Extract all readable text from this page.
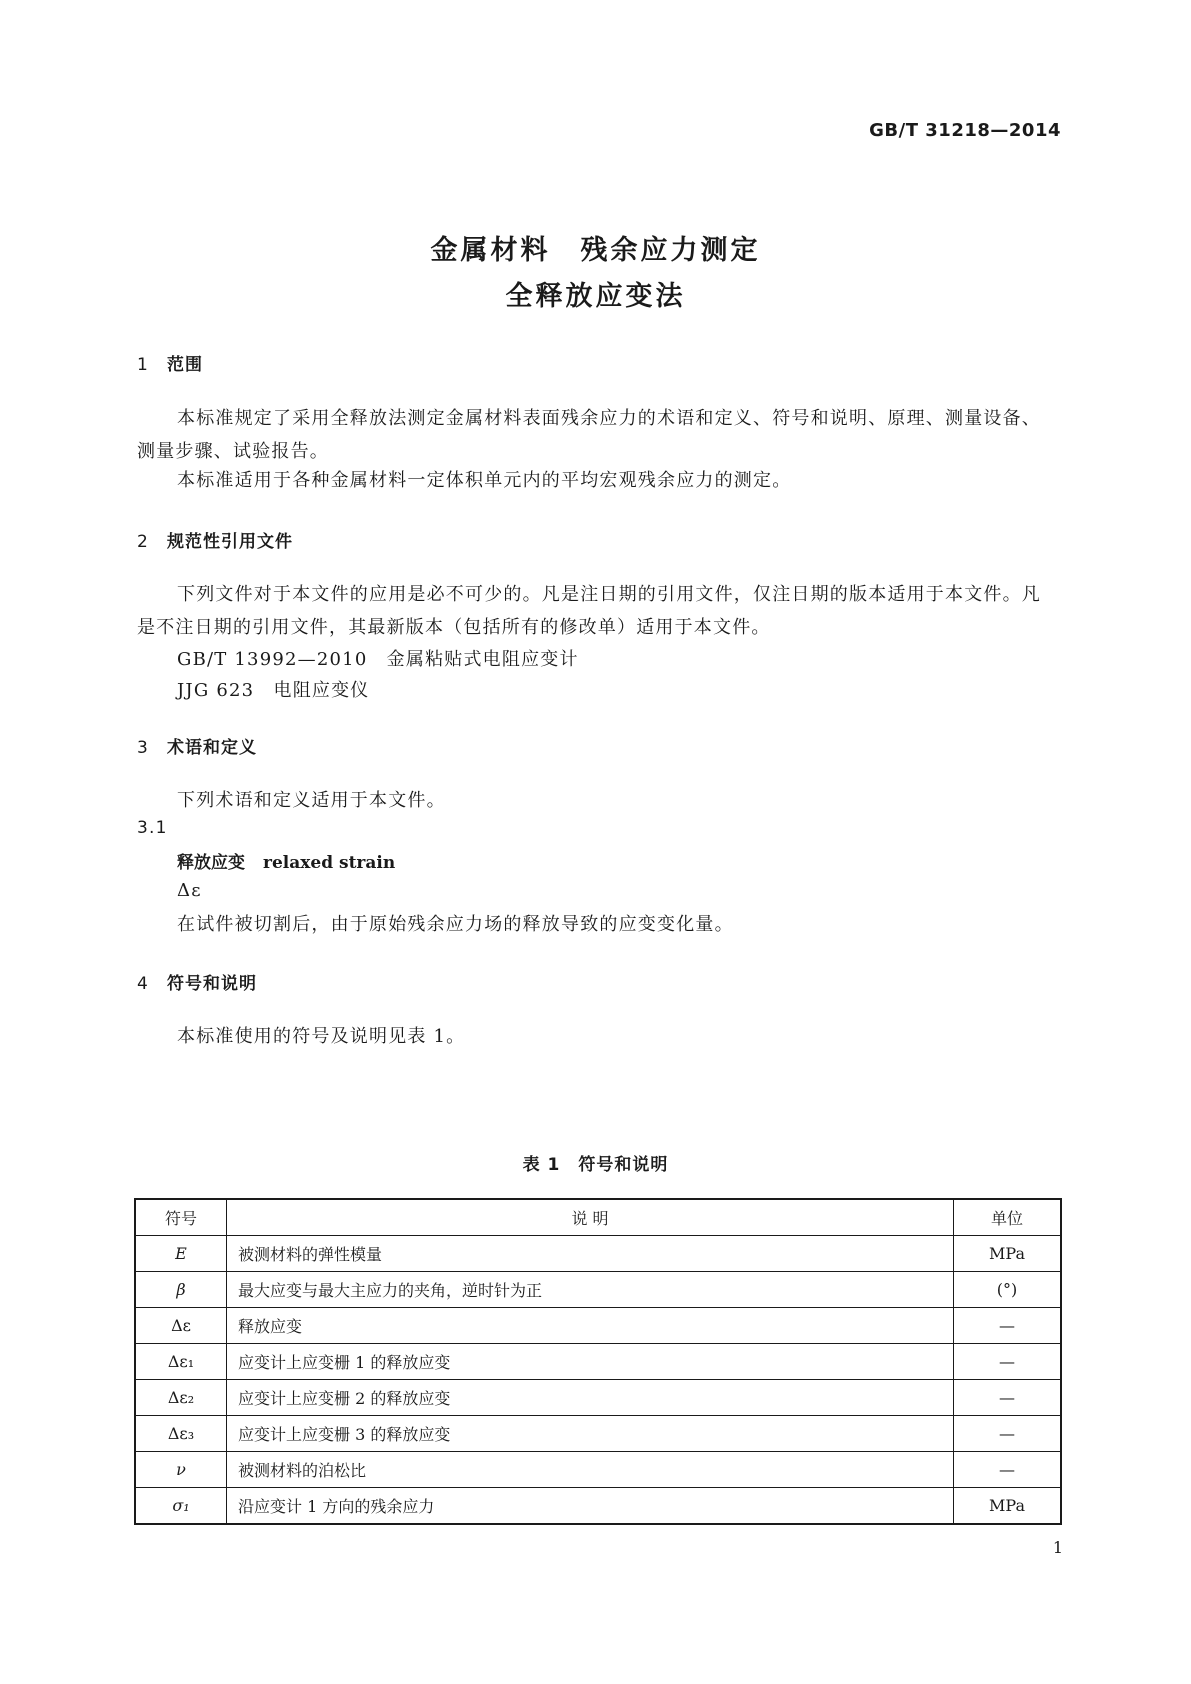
GB/T 31218—2014
金属材料　残余应力测定
全释放应变法
1 范围
本标准规定了采用全释放法测定金属材料表面残余应力的术语和定义、符号和说明、原理、测量设备、测量步骤、试验报告。
本标准适用于各种金属材料一定体积单元内的平均宏观残余应力的测定。
2 规范性引用文件
下列文件对于本文件的应用是必不可少的。凡是注日期的引用文件，仅注日期的版本适用于本文件。凡是不注日期的引用文件，其最新版本（包括所有的修改单）适用于本文件。
GB/T 13992—2010　金属粘贴式电阻应变计
JJG 623　电阻应变仪
3 术语和定义
下列术语和定义适用于本文件。
3.1
释放应变 relaxed strain
Δε
在试件被切割后，由于原始残余应力场的释放导致的应变变化量。
4 符号和说明
本标准使用的符号及说明见表 1。
表 1　符号和说明
符号	说 明	单位
E	被测材料的弹性模量	MPa
β	最大应变与最大主应力的夹角，逆时针为正	(°)
Δε	释放应变	—
Δε₁	应变计上应变栅 1 的释放应变	—
Δε₂	应变计上应变栅 2 的释放应变	—
Δε₃	应变计上应变栅 3 的释放应变	—
ν	被测材料的泊松比	—
σ₁	沿应变计 1 方向的残余应力	MPa
1
